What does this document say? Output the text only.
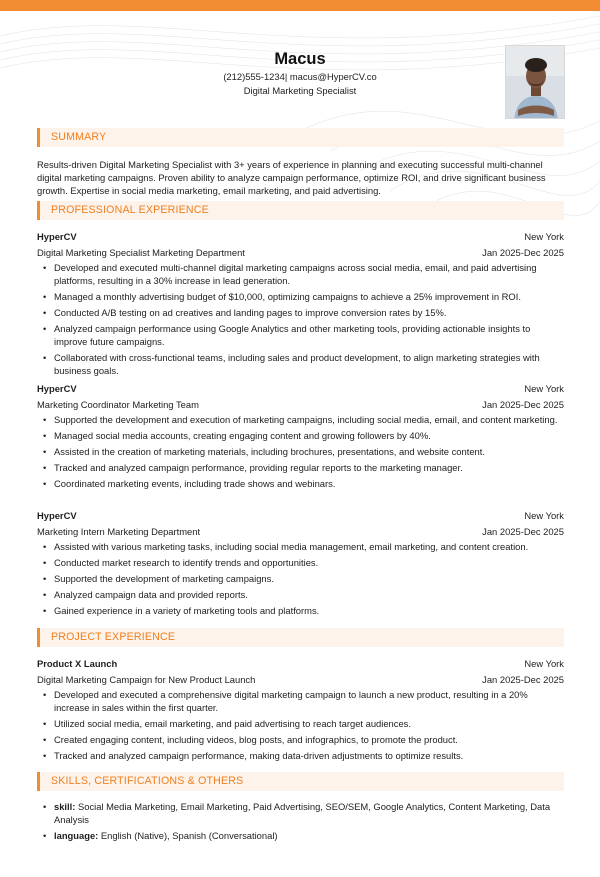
Macus
(212)555-1234| macus@HyperCV.co
Digital Marketing Specialist
SUMMARY
Results-driven Digital Marketing Specialist with 3+ years of experience in planning and executing successful multi-channel digital marketing campaigns. Proven ability to analyze campaign performance, optimize ROI, and drive significant business growth. Expertise in social media marketing, email marketing, and paid advertising.
PROFESSIONAL EXPERIENCE
HyperCV	New York
Digital Marketing Specialist Marketing Department	Jan 2025-Dec 2025
• Developed and executed multi-channel digital marketing campaigns across social media, email, and paid advertising platforms, resulting in a 30% increase in lead generation.
• Managed a monthly advertising budget of $10,000, optimizing campaigns to achieve a 25% improvement in ROI.
• Conducted A/B testing on ad creatives and landing pages to improve conversion rates by 15%.
• Analyzed campaign performance using Google Analytics and other marketing tools, providing actionable insights to improve future campaigns.
• Collaborated with cross-functional teams, including sales and product development, to align marketing strategies with business goals.
HyperCV	New York
Marketing Coordinator Marketing Team	Jan 2025-Dec 2025
• Supported the development and execution of marketing campaigns, including social media, email, and content marketing.
• Managed social media accounts, creating engaging content and growing followers by 40%.
• Assisted in the creation of marketing materials, including brochures, presentations, and website content.
• Tracked and analyzed campaign performance, providing regular reports to the marketing manager.
• Coordinated marketing events, including trade shows and webinars.
HyperCV	New York
Marketing Intern Marketing Department	Jan 2025-Dec 2025
• Assisted with various marketing tasks, including social media management, email marketing, and content creation.
• Conducted market research to identify trends and opportunities.
• Supported the development of marketing campaigns.
• Analyzed campaign data and provided reports.
• Gained experience in a variety of marketing tools and platforms.
PROJECT EXPERIENCE
Product X Launch	New York
Digital Marketing Campaign for New Product Launch	Jan 2025-Dec 2025
• Developed and executed a comprehensive digital marketing campaign to launch a new product, resulting in a 20% increase in sales within the first quarter.
• Utilized social media, email marketing, and paid advertising to reach target audiences.
• Created engaging content, including videos, blog posts, and infographics, to promote the product.
• Tracked and analyzed campaign performance, making data-driven adjustments to optimize results.
SKILLS, CERTIFICATIONS & OTHERS
• skill: Social Media Marketing, Email Marketing, Paid Advertising, SEO/SEM, Google Analytics, Content Marketing, Data Analysis
• language: English (Native), Spanish (Conversational)
